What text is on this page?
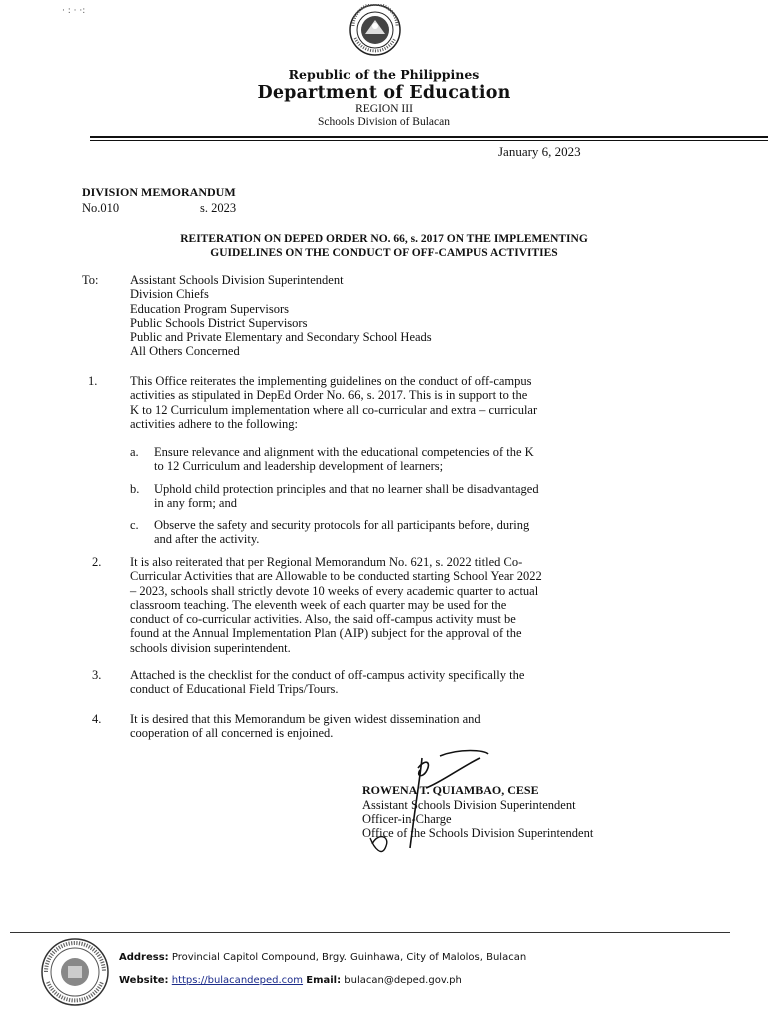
· : · ·:
Republic of the Philippines
Department of Education
REGION III
Schools Division of Bulacan
January 6, 2023
DIVISION MEMORANDUM
No.010	s. 2023
REITERATION ON DEPED ORDER NO. 66, s. 2017 ON THE IMPLEMENTING
GUIDELINES ON THE CONDUCT OF OFF-CAMPUS ACTIVITIES
To:	Assistant Schools Division Superintendent
Division Chiefs
Education Program Supervisors
Public Schools District Supervisors
Public and Private Elementary and Secondary School Heads
All Others Concerned
1.	This Office reiterates the implementing guidelines on the conduct of off-campus
activities as stipulated in DepEd Order No. 66, s. 2017. This is in support to the
K to 12 Curriculum implementation where all co-curricular and extra – curricular
activities adhere to the following:
a. Ensure relevance and alignment with the educational competencies of the K
to 12 Curriculum and leadership development of learners;
b. Uphold child protection principles and that no learner shall be disadvantaged
in any form; and
c. Observe the safety and security protocols for all participants before, during
and after the activity.
2. It is also reiterated that per Regional Memorandum No. 621, s. 2022 titled Co-
Curricular Activities that are Allowable to be conducted starting School Year 2022
– 2023, schools shall strictly devote 10 weeks of every academic quarter to actual
classroom teaching. The eleventh week of each quarter may be used for the
conduct of co-curricular activities. Also, the said off-campus activity must be
found at the Annual Implementation Plan (AIP) subject for the approval of the
schools division superintendent.
3. Attached is the checklist for the conduct of off-campus activity specifically the
conduct of Educational Field Trips/Tours.
4. It is desired that this Memorandum be given widest dissemination and
cooperation of all concerned is enjoined.
ROWENA T. QUIAMBAO, CESE
Assistant Schools Division Superintendent
Officer-in-Charge
Office of the Schools Division Superintendent
Address: Provincial Capitol Compound, Brgy. Guinhawa, City of Malolos, Bulacan
Website: https://bulacandeped.com Email: bulacan@deped.gov.ph
